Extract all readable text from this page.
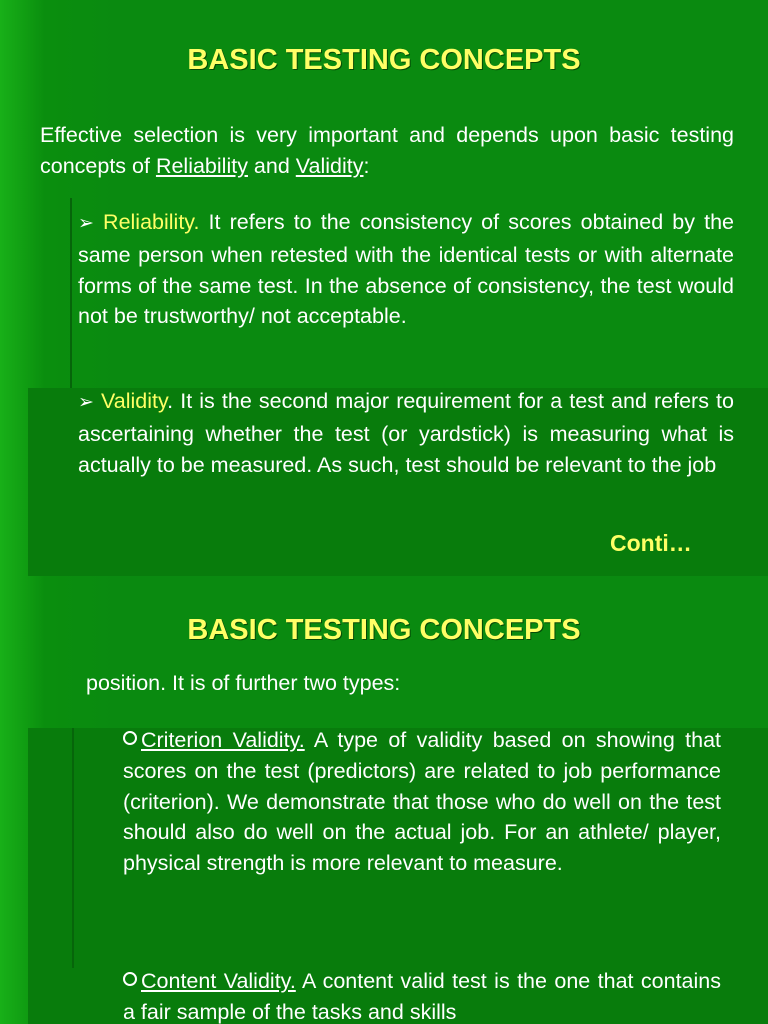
BASIC TESTING CONCEPTS

Effective selection is very important and depends upon basic testing concepts of Reliability and Validity:

➢ Reliability. It refers to the consistency of scores obtained by the same person when retested with the identical tests or with alternate forms of the same test. In the absence of consistency, the test would not be trustworthy/ not acceptable.

➢ Validity. It is the second major requirement for a test and refers to ascertaining whether the test (or yardstick) is measuring what is actually to be measured. As such, test should be relevant to the job

Conti…
BASIC TESTING CONCEPTS

position. It is of further two types:

Criterion Validity. A type of validity based on showing that scores on the test (predictors) are related to job performance (criterion). We demonstrate that those who do well on the test should also do well on the actual job. For an athlete/ player, physical strength is more relevant to measure.

Content Validity. A content valid test is the one that contains a fair sample of the tasks and skills
